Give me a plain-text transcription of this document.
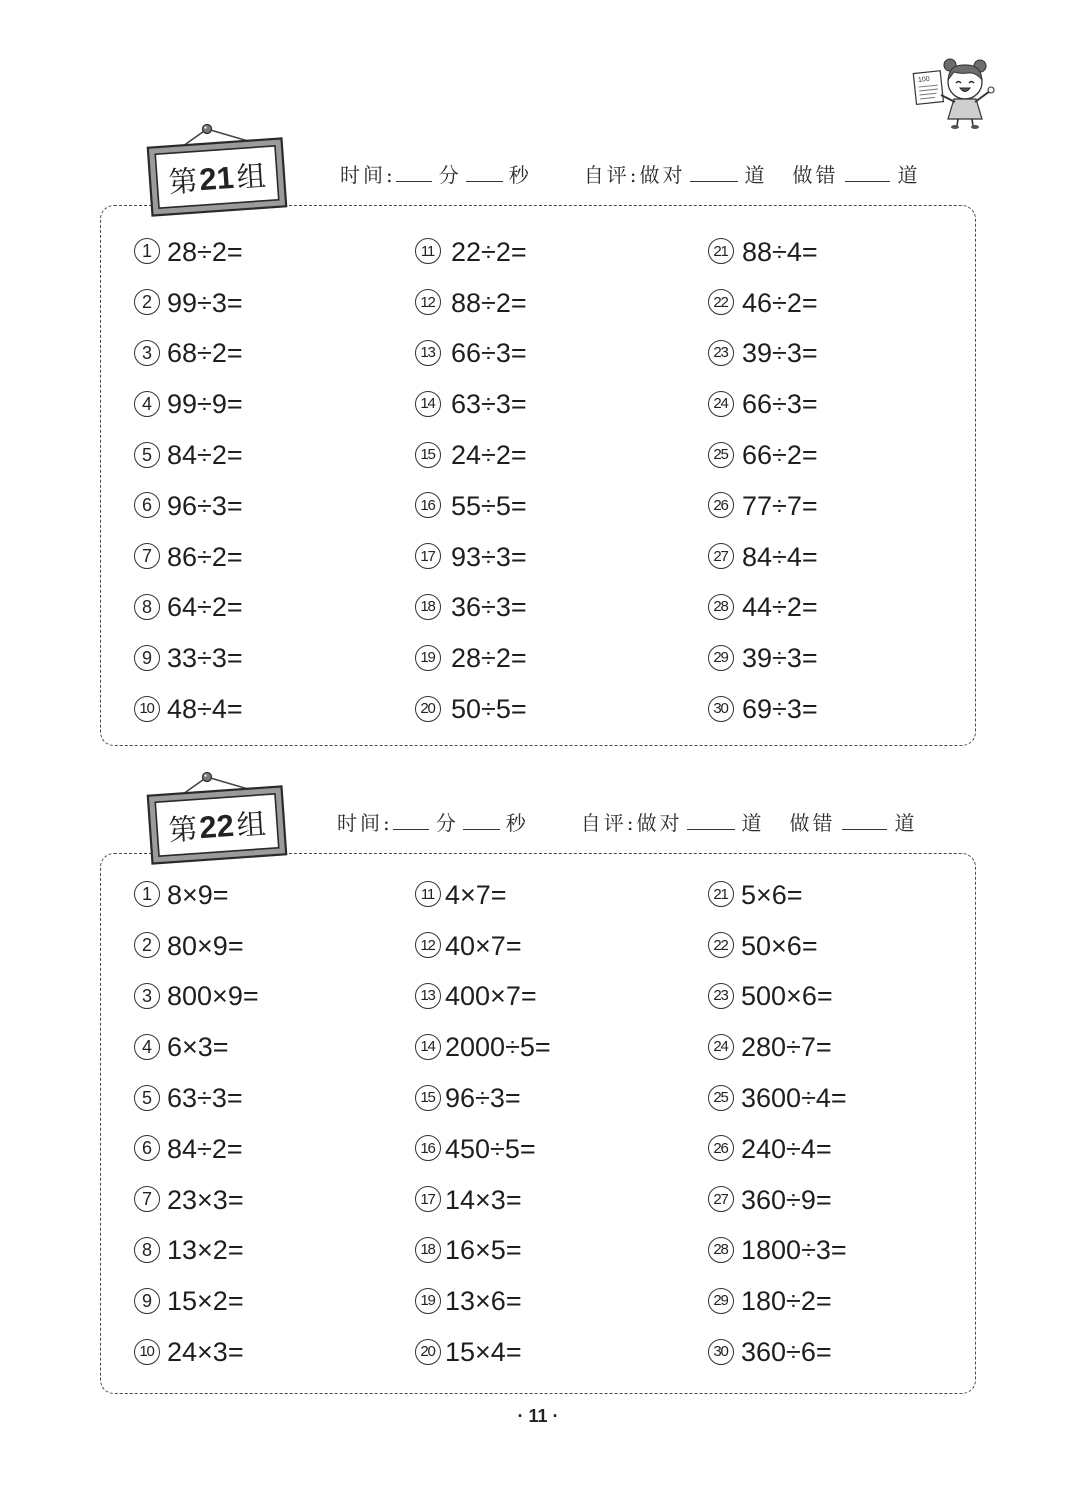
100
第21组	时间: 分 秒	自评:做对	道 做错	道
1 28÷2=
2 99÷3=
3 68÷2=
4 99÷9=
5 84÷2=
6 96÷3=
7 86÷2=
8 64÷2=
9 33÷3=
10 48÷4=
11 22÷2=
12 88÷2=
13 66÷3=
14 63÷3=
15 24÷2=
16 55÷5=
17 93÷3=
18 36÷3=
19 28÷2=
20 50÷5=
21 88÷4=
22 46÷2=
23 39÷3=
24 66÷3=
25 66÷2=
26 77÷7=
27 84÷4=
28 44÷2=
29 39÷3=
30 69÷3=
第22组	时间: 分 秒	自评:做对	道 做错	道
1 8×9=
2 80×9=
3 800×9=
4 6×3=
5 63÷3=
6 84÷2=
7 23×3=
8 13×2=
9 15×2=
10 24×3=
11 4×7=
12 40×7=
13 400×7=
14 2000÷5=
15 96÷3=
16 450÷5=
17 14×3=
18 16×5=
19 13×6=
20 15×4=
21 5×6=
22 50×6=
23 500×6=
24 280÷7=
25 3600÷4=
26 240÷4=
27 360÷9=
28 1800÷3=
29 180÷2=
30 360÷6=
· 11 ·
